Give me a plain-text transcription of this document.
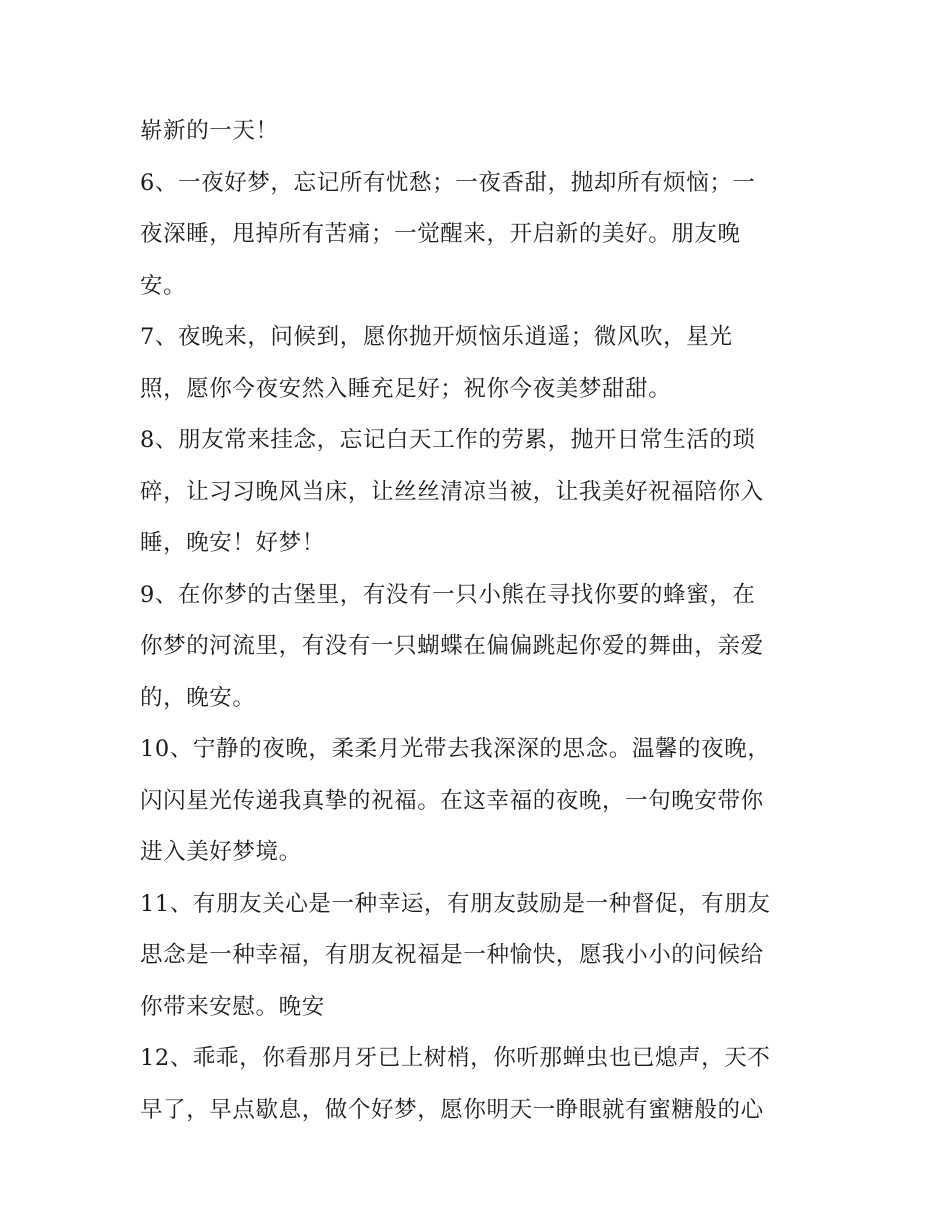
崭新的一天！
6、一夜好梦，忘记所有忧愁；一夜香甜，抛却所有烦恼；一
夜深睡，甩掉所有苦痛；一觉醒来，开启新的美好。朋友晚
安。
7、夜晚来，问候到，愿你抛开烦恼乐逍遥；微风吹，星光
照，愿你今夜安然入睡充足好；祝你今夜美梦甜甜。
8、朋友常来挂念，忘记白天工作的劳累，抛开日常生活的琐
碎，让习习晚风当床，让丝丝清凉当被，让我美好祝福陪你入
睡，晚安！好梦！
9、在你梦的古堡里，有没有一只小熊在寻找你要的蜂蜜，在
你梦的河流里，有没有一只蝴蝶在偏偏跳起你爱的舞曲，亲爱
的，晚安。
10、宁静的夜晚，柔柔月光带去我深深的思念。温馨的夜晚，
闪闪星光传递我真挚的祝福。在这幸福的夜晚，一句晚安带你
进入美好梦境。
11、有朋友关心是一种幸运，有朋友鼓励是一种督促，有朋友
思念是一种幸福，有朋友祝福是一种愉快，愿我小小的问候给
你带来安慰。晚安
12、乖乖，你看那月牙已上树梢，你听那蝉虫也已熄声，天不
早了，早点歇息，做个好梦，愿你明天一睁眼就有蜜糖般的心
